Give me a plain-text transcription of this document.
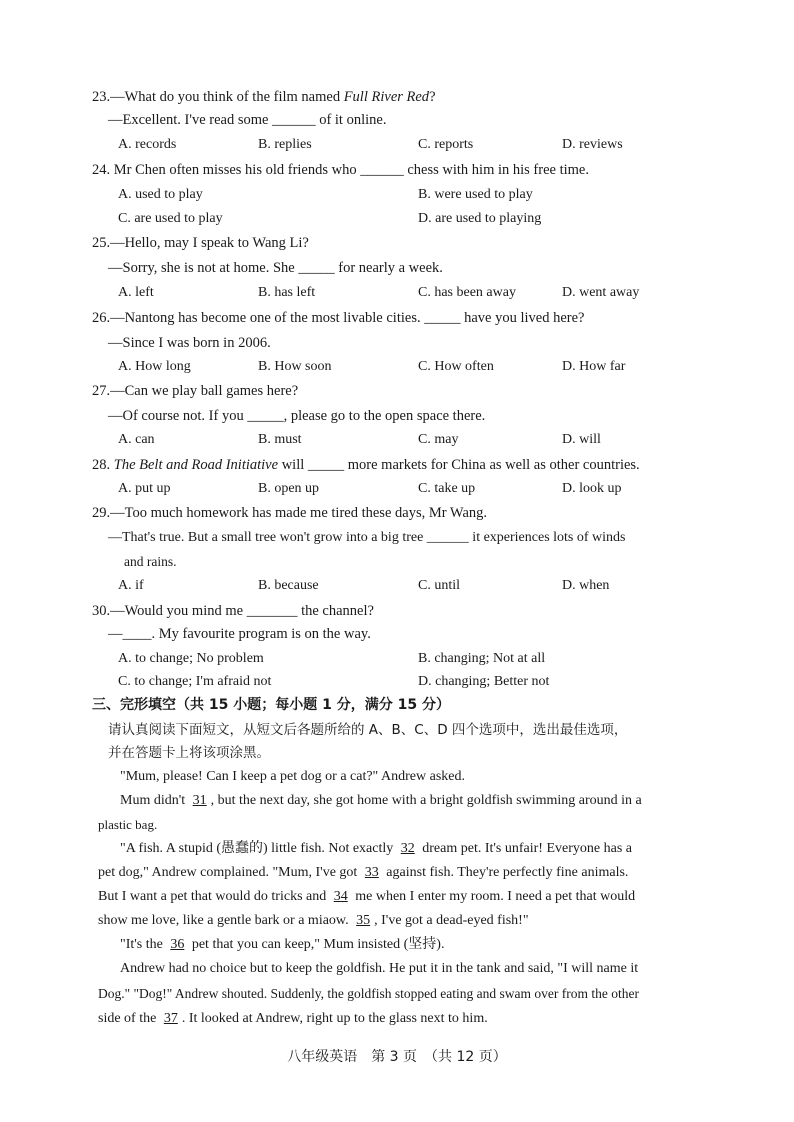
23.—What do you think of the film named Full River Red?
—Excellent. I've read some ______ of it online.
A. records	B. replies	C. reports	D. reviews
24. Mr Chen often misses his old friends who ______ chess with him in his free time.
A. used to play	B. were used to play
C. are used to play	D. are used to playing
25.—Hello, may I speak to Wang Li?
—Sorry, she is not at home. She _____ for nearly a week.
A. left	B. has left	C. has been away	D. went away
26.—Nantong has become one of the most livable cities. _____ have you lived here?
—Since I was born in 2006.
A. How long	B. How soon	C. How often	D. How far
27.—Can we play ball games here?
—Of course not. If you _____, please go to the open space there.
A. can	B. must	C. may	D. will
28. The Belt and Road Initiative will _____ more markets for China as well as other countries.
A. put up	B. open up	C. take up	D. look up
29.—Too much homework has made me tired these days, Mr Wang.
—That's true. But a small tree won't grow into a big tree ______ it experiences lots of winds
and rains.
A. if	B. because	C. until	D. when
30.—Would you mind me _______ the channel?
—____. My favourite program is on the way.
A. to change; No problem	B. changing; Not at all
C. to change; I'm afraid not	D. changing; Better not
三、完形填空（共 15 小题；每小题 1 分，满分 15 分）
请认真阅读下面短文，从短文后各题所给的 A、B、C、D 四个选项中，选出最佳选项，
并在答题卡上将该项涂黑。
"Mum, please! Can I keep a pet dog or a cat?" Andrew asked.
Mum didn't 31 , but the next day, she got home with a bright goldfish swimming around in a
plastic bag.
"A fish. A stupid (愚蠢的) little fish. Not exactly 32 dream pet. It's unfair! Everyone has a
pet dog," Andrew complained. "Mum, I've got 33 against fish. They're perfectly fine animals.
But I want a pet that would do tricks and 34 me when I enter my room. I need a pet that would
show me love, like a gentle bark or a miaow. 35 , I've got a dead-eyed fish!"
"It's the 36 pet that you can keep," Mum insisted (坚持).
Andrew had no choice but to keep the goldfish. He put it in the tank and said, "I will name it
Dog." "Dog!" Andrew shouted. Suddenly, the goldfish stopped eating and swam over from the other
side of the 37 . It looked at Andrew, right up to the glass next to him.
八年级英语　第 3 页　（共 12 页）
